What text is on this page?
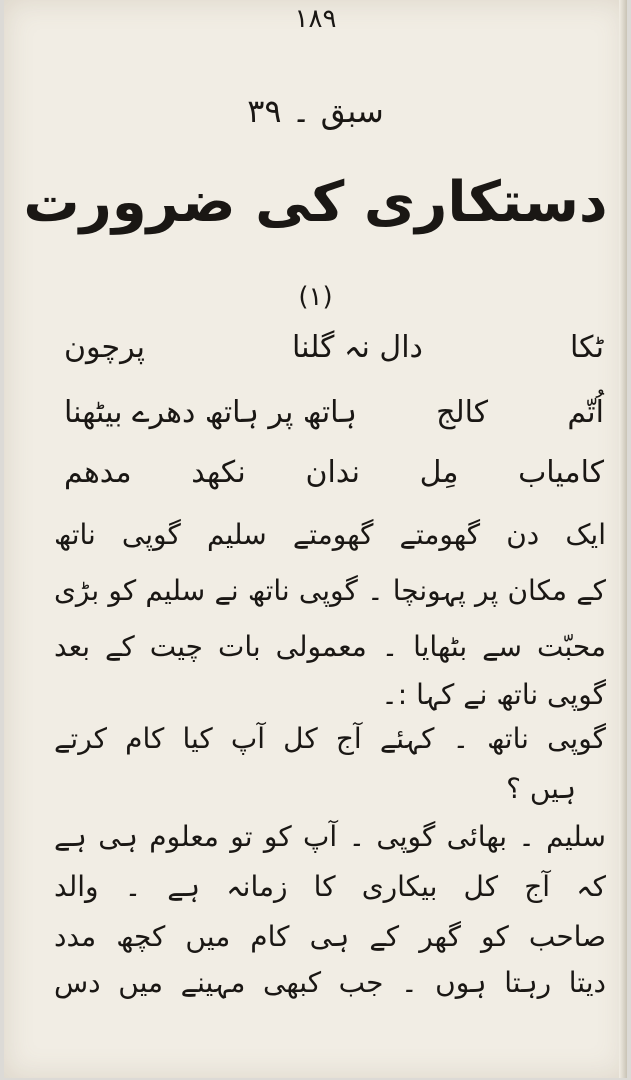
۱۸۹
سبق ۔ ۳۹
دستکاری کی ضرورت
(۱)
پرچون	دال نہ گلنا	ٹکا
ہاتھ پر ہاتھ دھرے بیٹھنا	کالج	اُتّم
مدھم نکھد ندان مِل کامیاب
ایک دن گھومتے گھومتے سلیم گوپی ناتھ
کے مکان پر پہونچا ۔ گوپی ناتھ نے سلیم کو بڑی
محبّت سے بٹھایا ۔ معمولی بات چیت کے بعد
گوپی ناتھ نے کہا :۔
گوپی ناتھ ۔ کہئے آج کل آپ کیا کام کرتے
ہیں ؟
سلیم ۔ بھائی گوپی ۔ آپ کو تو معلوم ہی ہے
کہ آج کل بیکاری کا زمانہ ہے ۔ والد
صاحب کو گھر کے ہی کام میں کچھ مدد
دیتا رہتا ہوں ۔ جب کبھی مہینے میں دس
